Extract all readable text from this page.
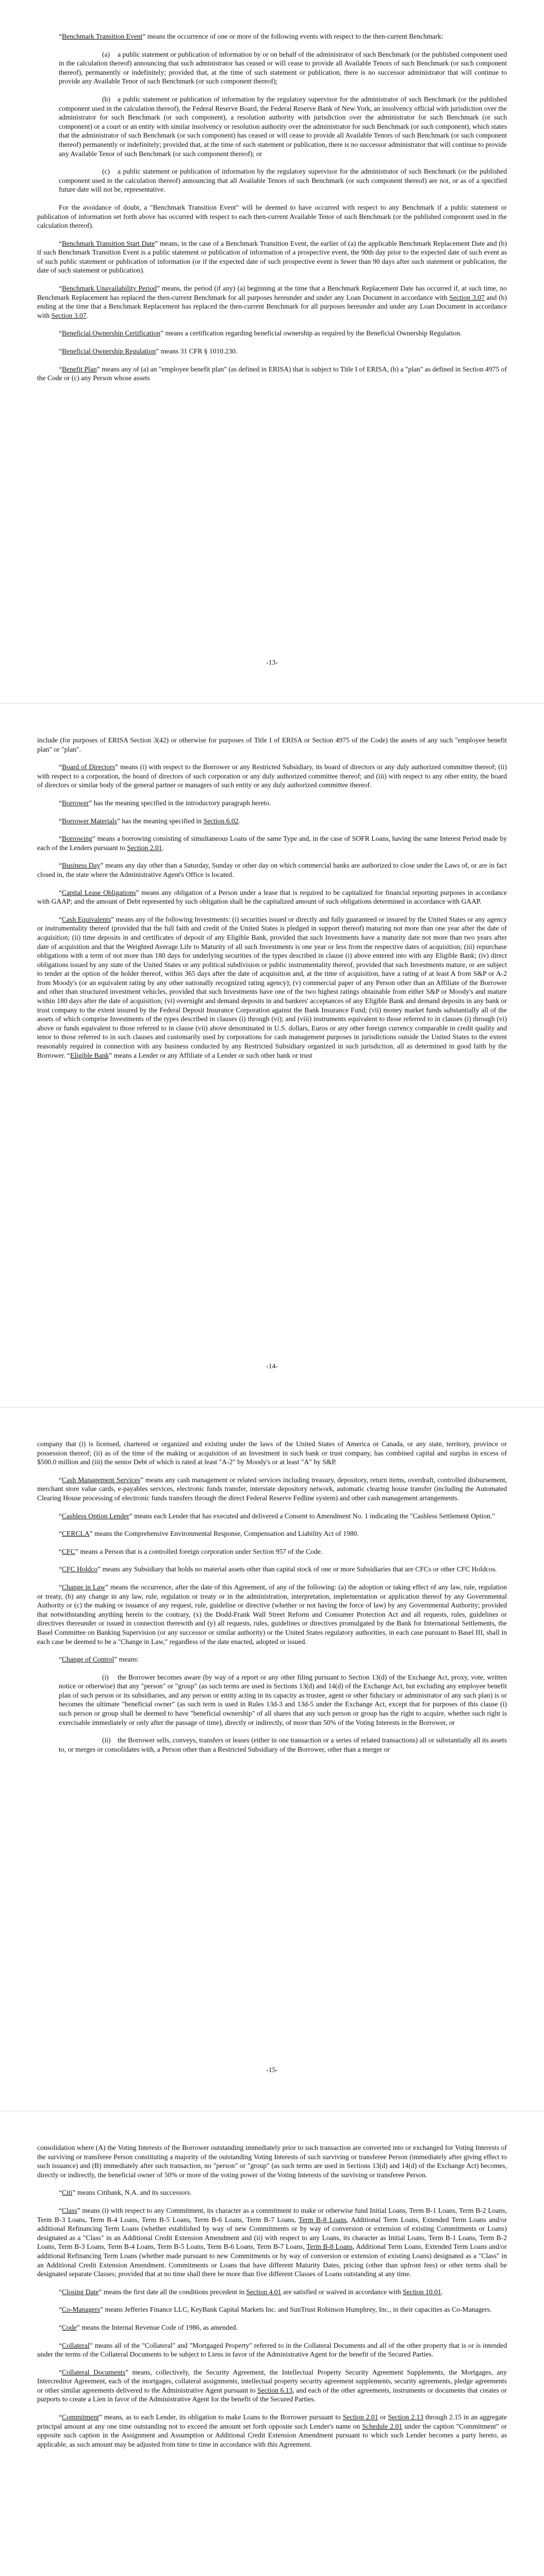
“Benchmark Transition Event” means the occurrence of one or more of the following events with respect to the then-current Benchmark:

(a) a public statement or publication of information by or on behalf of the administrator of such Benchmark (or the published component used in the calculation thereof) announcing that such administrator has ceased or will cease to provide all Available Tenors of such Benchmark (or such component thereof), permanently or indefinitely; provided that, at the time of such statement or publication, there is no successor administrator that will continue to provide any Available Tenor of such Benchmark (or such component thereof);

(b) a public statement or publication of information by the regulatory supervisor for the administrator of such Benchmark (or the published component used in the calculation thereof), the Federal Reserve Board, the Federal Reserve Bank of New York, an insolvency official with jurisdiction over the administrator for such Benchmark (or such component), a resolution authority with jurisdiction over the administrator for such Benchmark (or such component) or a court or an entity with similar insolvency or resolution authority over the administrator for such Benchmark (or such component), which states that the administrator of such Benchmark (or such component) has ceased or will cease to provide all Available Tenors of such Benchmark (or such component thereof) permanently or indefinitely; provided that, at the time of such statement or publication, there is no successor administrator that will continue to provide any Available Tenor of such Benchmark (or such component thereof); or

(c) a public statement or publication of information by the regulatory supervisor for the administrator of such Benchmark (or the published component used in the calculation thereof) announcing that all Available Tenors of such Benchmark (or such component thereof) are not, or as of a specified future date will not be, representative.

For the avoidance of doubt, a "Benchmark Transition Event" will be deemed to have occurred with respect to any Benchmark if a public statement or publication of information set forth above has occurred with respect to each then-current Available Tenor of such Benchmark (or the published component used in the calculation thereof).

“Benchmark Transition Start Date” means, in the case of a Benchmark Transition Event, the earlier of (a) the applicable Benchmark Replacement Date and (b) if such Benchmark Transition Event is a public statement or publication of information of a prospective event, the 90th day prior to the expected date of such event as of such public statement or publication of information (or if the expected date of such prospective event is fewer than 90 days after such statement or publication, the date of such statement or publication).

“Benchmark Unavailability Period” means, the period (if any) (a) beginning at the time that a Benchmark Replacement Date has occurred if, at such time, no Benchmark Replacement has replaced the then-current Benchmark for all purposes hereunder and under any Loan Document in accordance with Section 3.07 and (b) ending at the time that a Benchmark Replacement has replaced the then-current Benchmark for all purposes hereunder and under any Loan Document in accordance with Section 3.07.

“Beneficial Ownership Certification” means a certification regarding beneficial ownership as required by the Beneficial Ownership Regulation.

“Beneficial Ownership Regulation” means 31 CFR § 1010.230.

“Benefit Plan” means any of (a) an "employee benefit plan" (as defined in ERISA) that is subject to Title I of ERISA, (b) a "plan" as defined in Section 4975 of the Code or (c) any Person whose assets

-13-

include (for purposes of ERISA Section 3(42) or otherwise for purposes of Title I of ERISA or Section 4975 of the Code) the assets of any such "employee benefit plan" or "plan".

“Board of Directors” means (i) with respect to the Borrower or any Restricted Subsidiary, its board of directors or any duly authorized committee thereof; (ii) with respect to a corporation, the board of directors of such corporation or any duly authorized committee thereof; and (iii) with respect to any other entity, the board of directors or similar body of the general partner or managers of such entity or any duly authorized committee thereof.

“Borrower” has the meaning specified in the introductory paragraph hereto.

“Borrower Materials” has the meaning specified in Section 6.02.

“Borrowing” means a borrowing consisting of simultaneous Loans of the same Type and, in the case of SOFR Loans, having the same Interest Period made by each of the Lenders pursuant to Section 2.01.

“Business Day” means any day other than a Saturday, Sunday or other day on which commercial banks are authorized to close under the Laws of, or are in fact closed in, the state where the Administrative Agent's Office is located.

“Capital Lease Obligations” means any obligation of a Person under a lease that is required to be capitalized for financial reporting purposes in accordance with GAAP; and the amount of Debt represented by such obligation shall be the capitalized amount of such obligations determined in accordance with GAAP.

“Cash Equivalents” means any of the following Investments: (i) securities issued or directly and fully guaranteed or insured by the United States or any agency or instrumentality thereof (provided that the full faith and credit of the United States is pledged in support thereof) maturing not more than one year after the date of acquisition; (ii) time deposits in and certificates of deposit of any Eligible Bank, provided that such Investments have a maturity date not more than two years after date of acquisition and that the Weighted Average Life to Maturity of all such Investments is one year or less from the respective dates of acquisition; (iii) repurchase obligations with a term of not more than 180 days for underlying securities of the types described in clause (i) above entered into with any Eligible Bank; (iv) direct obligations issued by any state of the United States or any political subdivision or public instrumentality thereof, provided that such Investments mature, or are subject to tender at the option of the holder thereof, within 365 days after the date of acquisition and, at the time of acquisition, have a rating of at least A from S&P or A-2 from Moody's (or an equivalent rating by any other nationally recognized rating agency); (v) commercial paper of any Person other than an Affiliate of the Borrower and other than structured investment vehicles, provided that such Investments have one of the two highest ratings obtainable from either S&P or Moody's and mature within 180 days after the date of acquisition; (vi) overnight and demand deposits in and bankers' acceptances of any Eligible Bank and demand deposits in any bank or trust company to the extent insured by the Federal Deposit Insurance Corporation against the Bank Insurance Fund; (vii) money market funds substantially all of the assets of which comprise Investments of the types described in clauses (i) through (vi); and (viii) instruments equivalent to those referred to in clauses (i) through (vi) above or funds equivalent to those referred to in clause (vii) above denominated in U.S. dollars, Euros or any other foreign currency comparable in credit quality and tenor to those referred to in such clauses and customarily used by corporations for cash management purposes in jurisdictions outside the United States to the extent reasonably required in connection with any business conducted by any Restricted Subsidiary organized in such jurisdiction, all as determined in good faith by the Borrower. “Eligible Bank” means a Lender or any Affiliate of a Lender or such other bank or trust

-14-

company that (i) is licensed, chartered or organized and existing under the laws of the United States of America or Canada, or any state, territory, province or possession thereof; (ii) as of the time of the making or acquisition of an Investment in such bank or trust company, has combined capital and surplus in excess of $500.0 million and (iii) the senior Debt of which is rated at least "A-2" by Moody's or at least "A" by S&P.

“Cash Management Services” means any cash management or related services including treasury, depository, return items, overdraft, controlled disbursement, merchant store value cards, e-payables services, electronic funds transfer, interstate depository network, automatic clearing house transfer (including the Automated Clearing House processing of electronic funds transfers through the direct Federal Reserve Fedline system) and other cash management arrangements.

“Cashless Option Lender” means each Lender that has executed and delivered a Consent to Amendment No. 1 indicating the "Cashless Settlement Option."

“CERCLA” means the Comprehensive Environmental Response, Compensation and Liability Act of 1980.

“CFC” means a Person that is a controlled foreign corporation under Section 957 of the Code.

“CFC Holdco” means any Subsidiary that holds no material assets other than capital stock of one or more Subsidiaries that are CFCs or other CFC Holdcos.

“Change in Law” means the occurrence, after the date of this Agreement, of any of the following: (a) the adoption or taking effect of any law, rule, regulation or treaty, (b) any change in any law, rule, regulation or treaty or in the administration, interpretation, implementation or application thereof by any Governmental Authority or (c) the making or issuance of any request, rule, guideline or directive (whether or not having the force of law) by any Governmental Authority; provided that notwithstanding anything herein to the contrary, (x) the Dodd-Frank Wall Street Reform and Consumer Protection Act and all requests, rules, guidelines or directives thereunder or issued in connection therewith and (y) all requests, rules, guidelines or directives promulgated by the Bank for International Settlements, the Basel Committee on Banking Supervision (or any successor or similar authority) or the United States regulatory authorities, in each case pursuant to Basel III, shall in each case be deemed to be a "Change in Law," regardless of the date enacted, adopted or issued.

“Change of Control” means:

(i) the Borrower becomes aware (by way of a report or any other filing pursuant to Section 13(d) of the Exchange Act, proxy, vote, written notice or otherwise) that any "person" or "group" (as such terms are used in Sections 13(d) and 14(d) of the Exchange Act, but excluding any employee benefit plan of such person or its subsidiaries, and any person or entity acting in its capacity as trustee, agent or other fiduciary or administrator of any such plan) is or becomes the ultimate "beneficial owner" (as such term is used in Rules 13d-3 and 13d-5 under the Exchange Act, except that for purposes of this clause (i) such person or group shall be deemed to have "beneficial ownership" of all shares that any such person or group has the right to acquire, whether such right is exercisable immediately or only after the passage of time), directly or indirectly, of more than 50% of the Voting Interests in the Borrower, or

(ii) the Borrower sells, conveys, transfers or leases (either in one transaction or a series of related transactions) all or substantially all its assets to, or merges or consolidates with, a Person other than a Restricted Subsidiary of the Borrower, other than a merger or

-15-

consolidation where (A) the Voting Interests of the Borrower outstanding immediately prior to such transaction are converted into or exchanged for Voting Interests of the surviving or transferee Person constituting a majority of the outstanding Voting Interests of such surviving or transferee Person (immediately after giving effect to such issuance) and (B) immediately after such transaction, no "person" or "group" (as such terms are used in Sections 13(d) and 14(d) of the Exchange Act) becomes, directly or indirectly, the beneficial owner of 50% or more of the voting power of the Voting Interests of the surviving or transferee Person.

“Citi” means Citibank, N.A. and its successors.

“Class” means (i) with respect to any Commitment, its character as a commitment to make or otherwise fund Initial Loans, Term B-1 Loans, Term B-2 Loans, Term B-3 Loans, Term B-4 Loans, Term B-5 Loans, Term B-6 Loans, Term B-7 Loans, Term B-8 Loans, Additional Term Loans, Extended Term Loans and/or additional Refinancing Term Loans (whether established by way of new Commitments or by way of conversion or extension of existing Commitments or Loans) designated as a "Class" in an Additional Credit Extension Amendment and (ii) with respect to any Loans, its character as Initial Loans, Term B-1 Loans, Term B-2 Loans, Term B-3 Loans, Term B-4 Loans, Term B-5 Loans, Term B-6 Loans, Term B-7 Loans, Term B-8 Loans, Additional Term Loans, Extended Term Loans and/or additional Refinancing Term Loans (whether made pursuant to new Commitments or by way of conversion or extension of existing Loans) designated as a "Class" in an Additional Credit Extension Amendment. Commitments or Loans that have different Maturity Dates, pricing (other than upfront fees) or other terms shall be designated separate Classes; provided that at no time shall there be more than five different Classes of Loans outstanding at any time.

“Closing Date” means the first date all the conditions precedent in Section 4.01 are satisfied or waived in accordance with Section 10.01.

“Co-Managers” means Jefferies Finance LLC, KeyBank Capital Markets Inc. and SunTrust Robinson Humphrey, Inc., in their capacities as Co-Managers.

“Code” means the Internal Revenue Code of 1986, as amended.

“Collateral” means all of the "Collateral" and "Mortgaged Property" referred to in the Collateral Documents and all of the other property that is or is intended under the terms of the Collateral Documents to be subject to Liens in favor of the Administrative Agent for the benefit of the Secured Parties.

“Collateral Documents” means, collectively, the Security Agreement, the Intellectual Property Security Agreement Supplements, the Mortgages, any Intercreditor Agreement, each of the mortgages, collateral assignments, intellectual property security agreement supplements, security agreements, pledge agreements or other similar agreements delivered to the Administrative Agent pursuant to Section 6.13, and each of the other agreements, instruments or documents that creates or purports to create a Lien in favor of the Administrative Agent for the benefit of the Secured Parties.

“Commitment” means, as to each Lender, its obligation to make Loans to the Borrower pursuant to Section 2.01 or Section 2.13 through 2.15 in an aggregate principal amount at any one time outstanding not to exceed the amount set forth opposite such Lender's name on Schedule 2.01 under the caption "Commitment" or opposite such caption in the Assignment and Assumption or Additional Credit Extension Amendment pursuant to which such Lender becomes a party hereto, as applicable, as such amount may be adjusted from time to time in accordance with this Agreement.
